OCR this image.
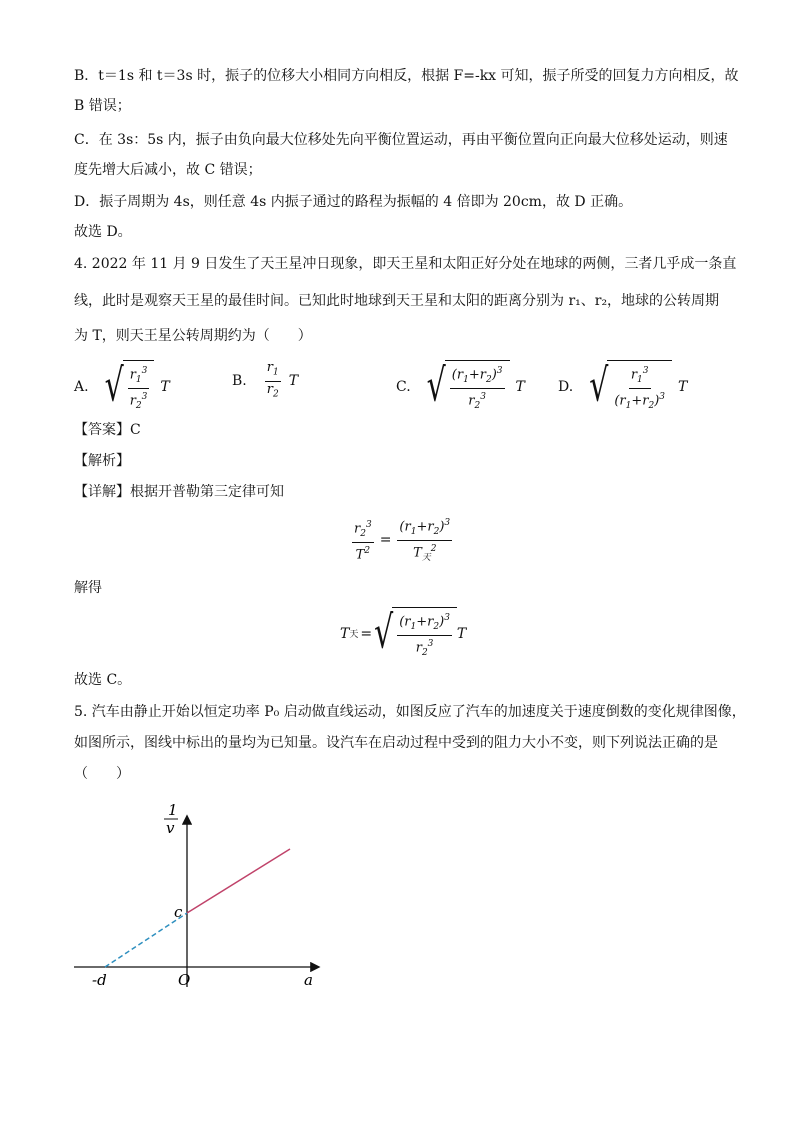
B．t＝1s 和 t＝3s 时，振子的位移大小相同方向相反，根据 F=-kx 可知，振子所受的回复力方向相反，故
B 错误；
C．在 3s：5s 内，振子由负向最大位移处先向平衡位置运动，再由平衡位置向正向最大位移处运动，则速
度先增大后减小，故 C 错误；
D．振子周期为 4s，则任意 4s 内振子通过的路程为振幅的 4 倍即为 20cm，故 D 正确。
故选 D。
4. 2022 年 11 月 9 日发生了天王星冲日现象，即天王星和太阳正好分处在地球的两侧，三者几乎成一条直
线，此时是观察天王星的最佳时间。已知此时地球到天王星和太阳的距离分别为 r₁、r₂，地球的公转周期
为 T，则天王星公转周期约为（　　）
A. √ $\frac{r_1^3}{r_2^3}$ T	B. $\frac{r_1}{r_2}$ T	C. √ $\frac{(r_1+r_2)^3}{r_2^3}$ T D. √ $\frac{r_1^3}{(r_1+r_2)^3}$ T
【答案】C
【解析】
【详解】根据开普勒第三定律可知
$\frac{r_2^3}{T^2} = \frac{(r_1+r_2)^3}{T_天^2}$
解得
T 天 = √ $\frac{(r_1+r_2)^3}{r_2^3}$ T
故选 C。
5. 汽车由静止开始以恒定功率 P₀ 启动做直线运动，如图反应了汽车的加速度关于速度倒数的变化规律图像，
如图所示，图线中标出的量均为已知量。设汽车在启动过程中受到的阻力大小不变，则下列说法正确的是
（　　）
1
v
c
-d	O	a
